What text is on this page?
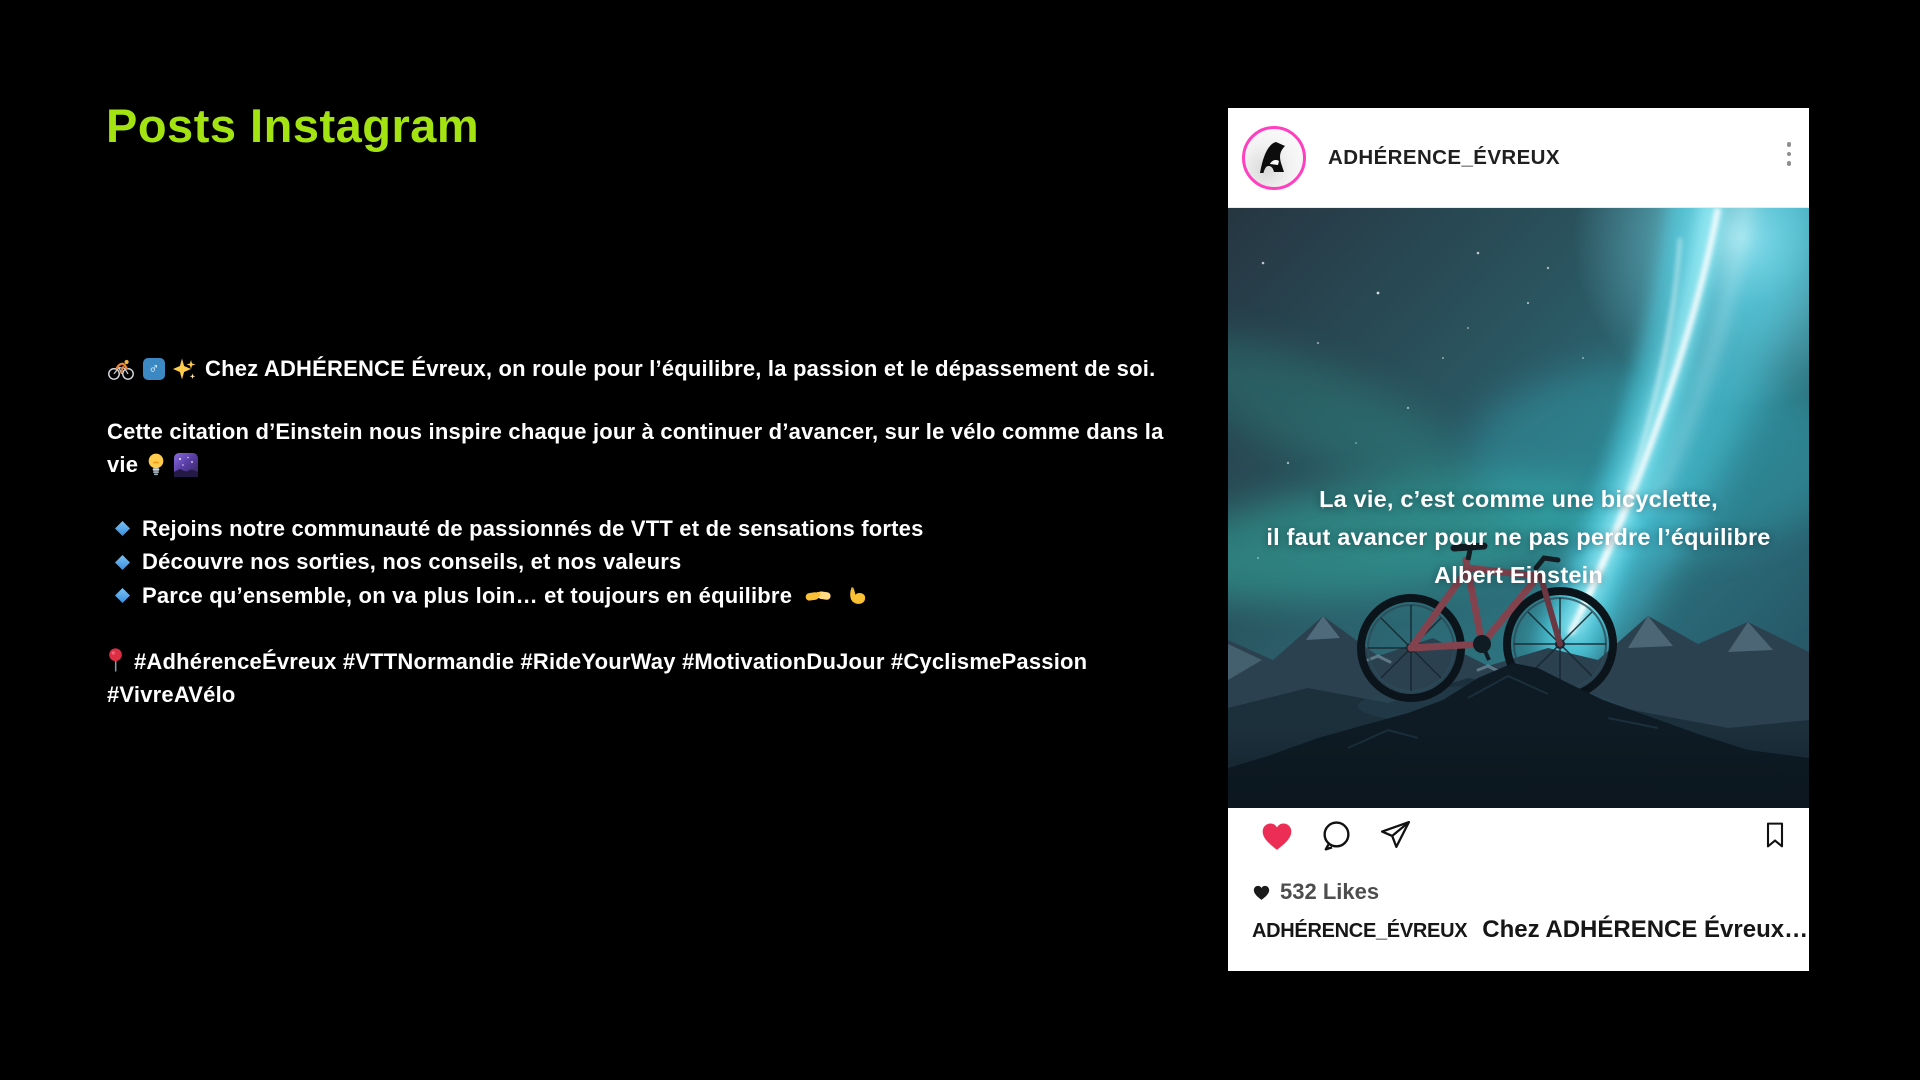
Posts Instagram
♂ Chez ADHÉRENCE Évreux, on roule pour l’équilibre, la passion et le dépassement de soi.
Cette citation d’Einstein nous inspire chaque jour à continuer d’avancer, sur le vélo comme dans la
vie
Rejoins notre communauté de passionnés de VTT et de sensations fortes
Découvre nos sorties, nos conseils, et nos valeurs
Parce qu’ensemble, on va plus loin… et toujours en équilibre
#AdhérenceÉvreux #VTTNormandie #RideYourWay #MotivationDuJour #CyclismePassion
#VivreAVélo
ADHÉRENCE_ÉVREUX
La vie, c’est comme une bicyclette,
il faut avancer pour ne pas perdre l’équilibre
Albert Einstein
532 Likes
ADHÉRENCE_ÉVREUX Chez ADHÉRENCE Évreux…
